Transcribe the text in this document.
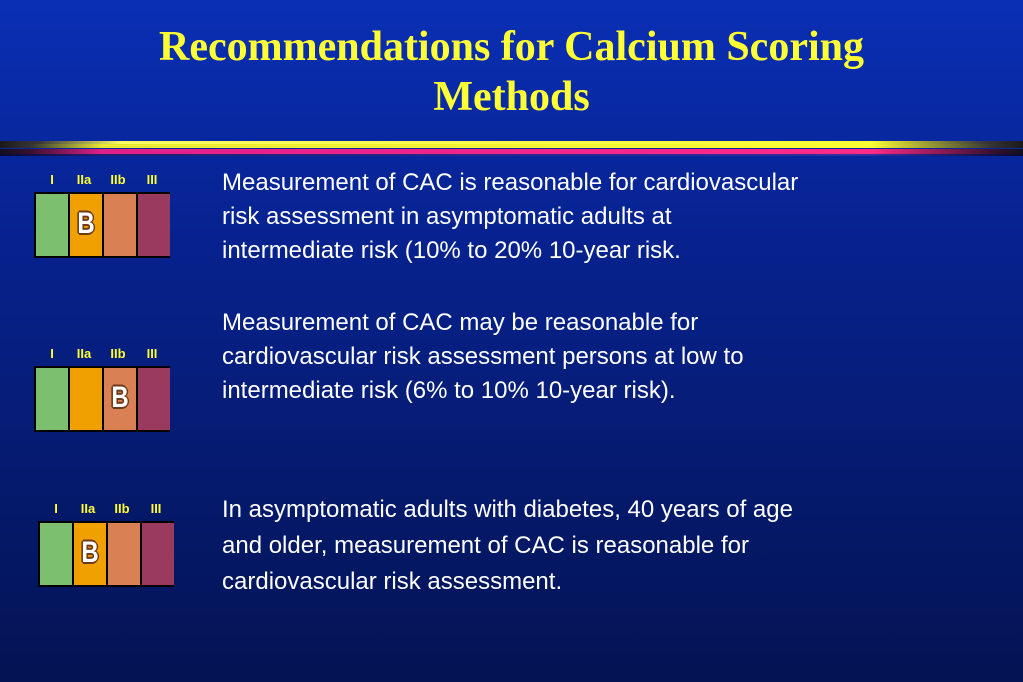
Recommendations for Calcium Scoring
Methods
I IIa IIb III
B
Measurement of CAC is reasonable for cardiovascular
risk assessment in asymptomatic adults at
intermediate risk (10% to 20% 10-year risk.
I IIa IIb III
B
Measurement of CAC may be reasonable for
cardiovascular risk assessment persons at low to
intermediate risk (6% to 10% 10-year risk).
I IIa IIb III
B
In asymptomatic adults with diabetes, 40 years of age
and older, measurement of CAC is reasonable for
cardiovascular risk assessment.
